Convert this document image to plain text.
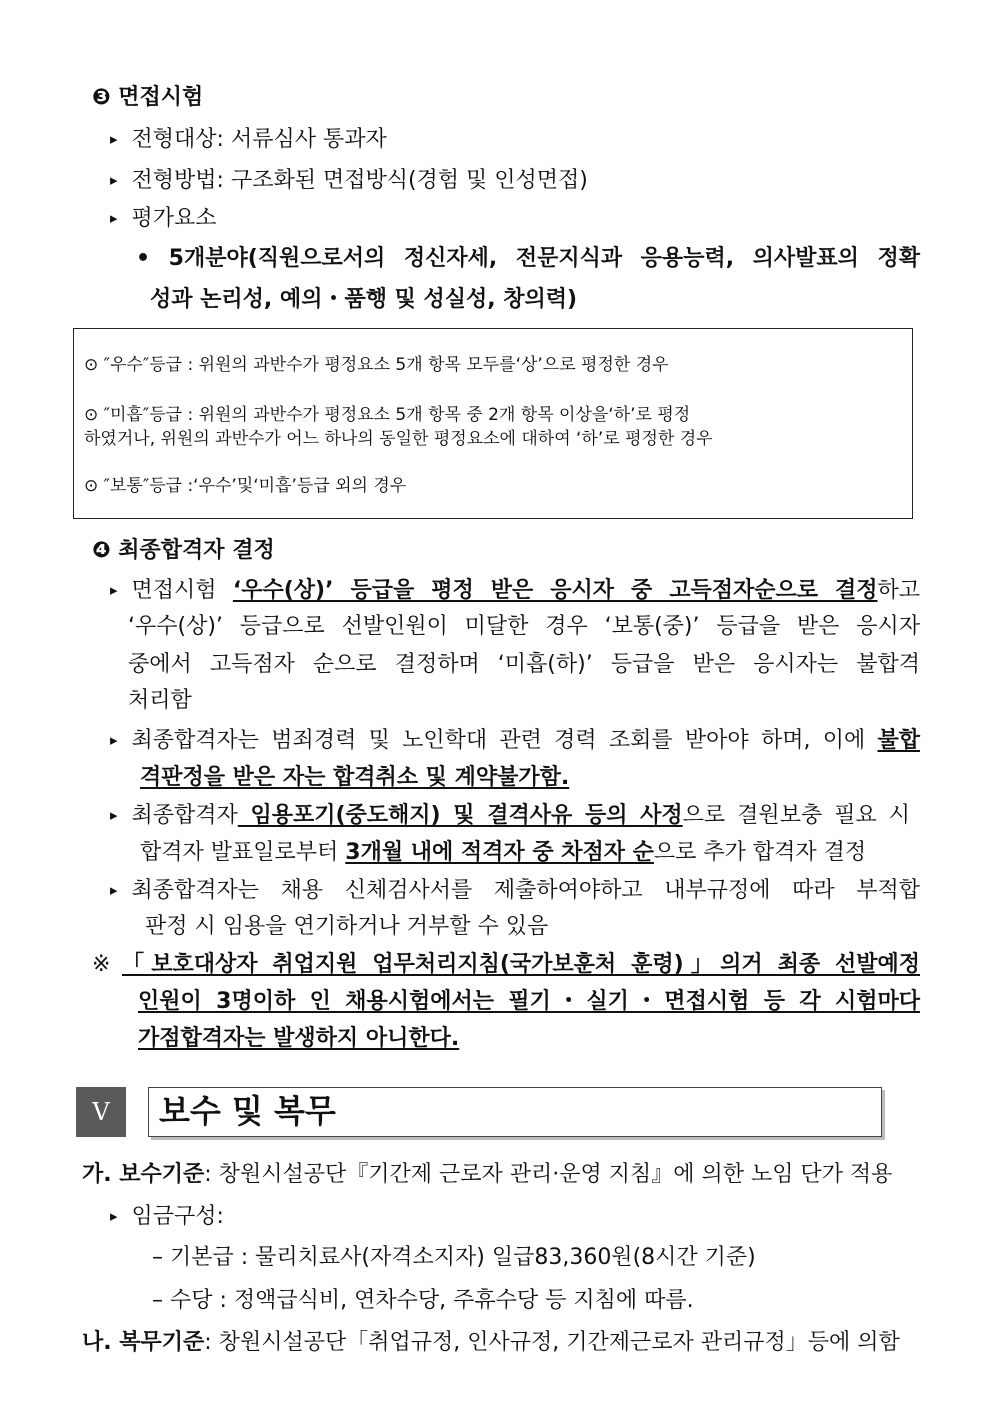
❸ 면접시험
▸ 전형대상: 서류심사 통과자
▸ 전형방법: 구조화된 면접방식(경험 및 인성면접)
▸ 평가요소
• 5개분야(직원으로서의 정신자세, 전문지식과 응용능력, 의사발표의 정확
성과 논리성, 예의・품행 및 성실성, 창의력)
⊙ ″우수″등급 : 위원의 과반수가 평정요소 5개 항목 모두를‘상’으로 평정한 경우
⊙ ″미흡″등급 : 위원의 과반수가 평정요소 5개 항목 중 2개 항목 이상을‘하’로 평정
하였거나, 위원의 과반수가 어느 하나의 동일한 평정요소에 대하여 ‘하’로 평정한 경우
⊙ ″보통″등급 :‘우수’및‘미흡’등급 외의 경우
❹ 최종합격자 결정
▸ 면접시험 ‘우수(상)’ 등급을 평정 받은 응시자 중 고득점자순으로 결정하고
‘우수(상)’ 등급으로 선발인원이 미달한 경우 ‘보통(중)’ 등급을 받은 응시자
중에서 고득점자 순으로 결정하며 ‘미흡(하)’ 등급을 받은 응시자는 불합격
처리함
▸ 최종합격자는 범죄경력 및 노인학대 관련 경력 조회를 받아야 하며, 이에 불합
격판정을 받은 자는 합격취소 및 계약불가함.
▸ 최종합격자 임용포기(중도해지) 및 결격사유 등의 사정으로 결원보충 필요 시
합격자 발표일로부터 3개월 내에 적격자 중 차점자 순으로 추가 합격자 결정
▸ 최종합격자는 채용 신체검사서를 제출하여야하고 내부규정에 따라 부적합
판정 시 임용을 연기하거나 거부할 수 있음
※ 「보호대상자 취업지원 업무처리지침(국가보훈처 훈령)」의거 최종 선발예정
인원이 3명이하 인 채용시험에서는 필기・실기・면접시험 등 각 시험마다
가점합격자는 발생하지 아니한다.
V	보수 및 복무
가. 보수기준: 창원시설공단『기간제 근로자 관리·운영 지침』에 의한 노임 단가 적용
▸ 임금구성:
– 기본급 : 물리치료사(자격소지자) 일급83,360원(8시간 기준)
– 수당 : 정액급식비, 연차수당, 주휴수당 등 지침에 따름.
나. 복무기준: 창원시설공단「취업규정, 인사규정, 기간제근로자 관리규정」등에 의함
